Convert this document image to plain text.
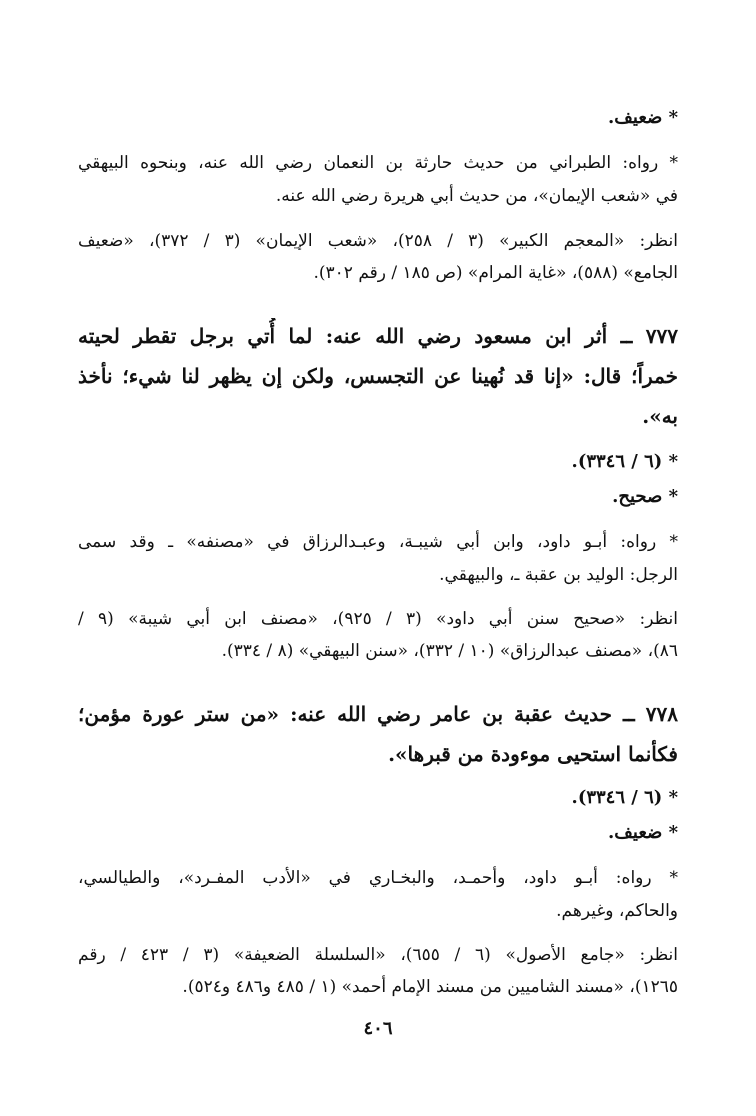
* ضعيف.
* رواه: الطبراني من حديث حارثة بن النعمان رضي الله عنه، وبنحوه البيهقي
في «شعب الإيمان»، من حديث أبي هريرة رضي الله عنه.
انظر: «المعجم الكبير» (٣ / ٢٥٨)، «شعب الإيمان» (٣ / ٣٧٢)، «ضعيف
الجامع» (٥٨٨)، «غاية المرام» (ص ١٨٥ / رقم ٣٠٢).
٧٧٧ ــ أثر ابن مسعود رضي الله عنه: لما أُتي برجل تقطر لحيته
خمراً؛ قال: «إنا قد نُهينا عن التجسس، ولكن إن يظهر لنا شيء؛ نأخذ
به».
* (٦ / ٣٣٤٦).
* صحيح.
* رواه: أبـو داود، وابن أبي شيبـة، وعبـدالرزاق في «مصنفه» ـ وقد سمى
الرجل: الوليد بن عقبة ـ، والبيهقي.
انظر: «صحيح سنن أبي داود» (٣ / ٩٢٥)، «مصنف ابن أبي شيبة» (٩ /
٨٦)، «مصنف عبدالرزاق» (١٠ / ٣٣٢)، «سنن البيهقي» (٨ / ٣٣٤).
٧٧٨ ــ حديث عقبة بن عامر رضي الله عنه: «من ستر عورة مؤمن؛
فكأنما استحيى موءودة من قبرها».
* (٦ / ٣٣٤٦).
* ضعيف.
* رواه: أبـو داود، وأحمـد، والبخـاري في «الأدب المفـرد»، والطيالسي،
والحاكم، وغيرهم.
انظر: «جامع الأصول» (٦ / ٦٥٥)، «السلسلة الضعيفة» (٣ / ٤٢٣ / رقم
١٢٦٥)، «مسند الشاميين من مسند الإمام أحمد» (١ / ٤٨٥ و٤٨٦ و٥٢٤).
٤٠٦
